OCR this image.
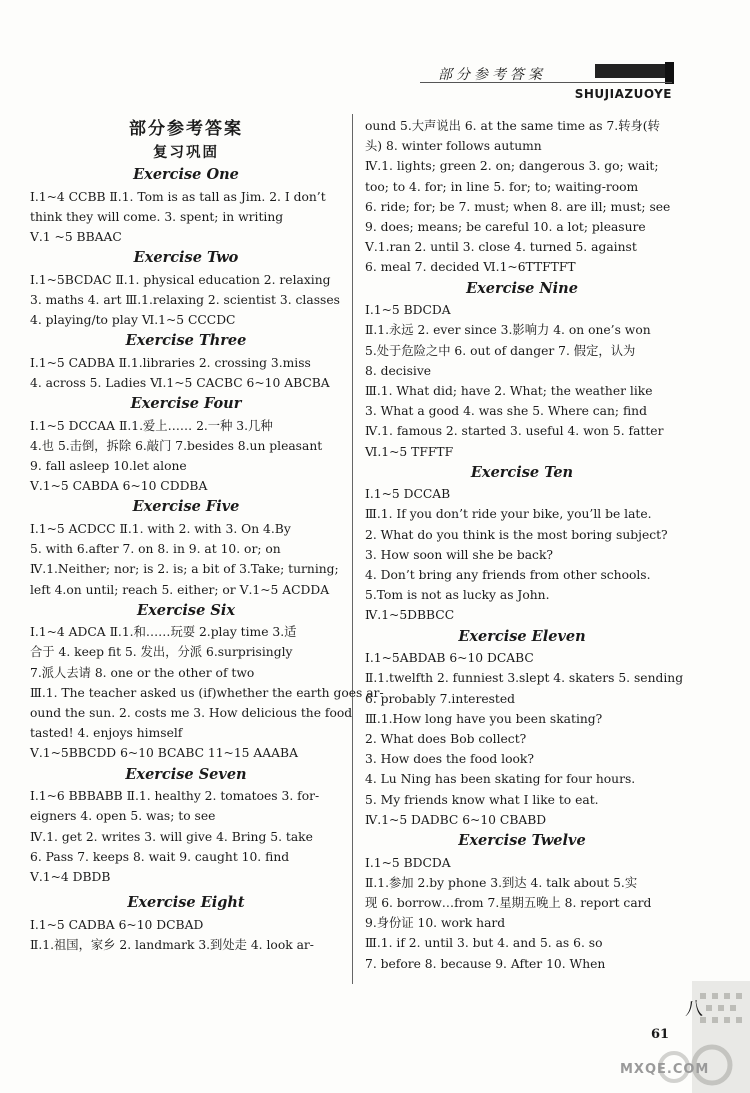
部分参考答案
SHUJIAZUOYE
部分参考答案
复习巩固
Exercise One
Ⅰ.1~4 CCBB Ⅱ.1. Tom is as tall as Jim. 2. I don’t
think they will come. 3. spent; in writing
Ⅴ.1 ~5 BBAAC
Exercise Two
Ⅰ.1~5BCDAC Ⅱ.1. physical education 2. relaxing
3. maths 4. art Ⅲ.1.relaxing 2. scientist 3. classes
4. playing/to play Ⅵ.1~5 CCCDC
Exercise Three
Ⅰ.1~5 CADBA Ⅱ.1.libraries 2. crossing 3.miss
4. across 5. Ladies Ⅵ.1~5 CACBC 6~10 ABCBA
Exercise Four
Ⅰ.1~5 DCCAA Ⅱ.1.爱上…… 2.一种 3.几种
4.也 5.击倒，拆除 6.敲门 7.besides 8.un pleasant
9. fall asleep 10.let alone
Ⅴ.1~5 CABDA 6~10 CDDBA
Exercise Five
Ⅰ.1~5 ACDCC Ⅱ.1. with 2. with 3. On 4.By
5. with 6.after 7. on 8. in 9. at 10. or; on
Ⅳ.1.Neither; nor; is 2. is; a bit of 3.Take; turning;
left 4.on until; reach 5. either; or Ⅴ.1~5 ACDDA
Exercise Six
Ⅰ.1~4 ADCA Ⅱ.1.和……玩耍 2.play time 3.适
合于 4. keep fit 5. 发出，分派 6.surprisingly
7.派人去请 8. one or the other of two
Ⅲ.1. The teacher asked us (if)whether the earth goes ar-
ound the sun. 2. costs me 3. How delicious the food
tasted! 4. enjoys himself
Ⅴ.1~5BBCDD 6~10 BCABC 11~15 AAABA
Exercise Seven
Ⅰ.1~6 BBBABB Ⅱ.1. healthy 2. tomatoes 3. for-
eigners 4. open 5. was; to see
Ⅳ.1. get 2. writes 3. will give 4. Bring 5. take
6. Pass 7. keeps 8. wait 9. caught 10. find
Ⅴ.1~4 DBDB
Exercise Eight
Ⅰ.1~5 CADBA 6~10 DCBAD
Ⅱ.1.祖国，家乡 2. landmark 3.到处走 4. look ar-
ound 5.大声说出 6. at the same time as 7.转身(转
头) 8. winter follows autumn
Ⅳ.1. lights; green 2. on; dangerous 3. go; wait;
too; to 4. for; in line 5. for; to; waiting-room
6. ride; for; be 7. must; when 8. are ill; must; see
9. does; means; be careful 10. a lot; pleasure
Ⅴ.1.ran 2. until 3. close 4. turned 5. against
6. meal 7. decided Ⅵ.1~6TTFTFT
Exercise Nine
Ⅰ.1~5 BDCDA
Ⅱ.1.永远 2. ever since 3.影响力 4. on one’s won
5.处于危险之中 6. out of danger 7. 假定，认为
8. decisive
Ⅲ.1. What did; have 2. What; the weather like
3. What a good 4. was she 5. Where can; find
Ⅳ.1. famous 2. started 3. useful 4. won 5. fatter
Ⅵ.1~5 TFFTF
Exercise Ten
Ⅰ.1~5 DCCAB
Ⅲ.1. If you don’t ride your bike, you’ll be late.
2. What do you think is the most boring subject?
3. How soon will she be back?
4. Don’t bring any friends from other schools.
5.Tom is not as lucky as John.
Ⅳ.1~5DBBCC
Exercise Eleven
Ⅰ.1~5ABDAB 6~10 DCABC
Ⅱ.1.twelfth 2. funniest 3.slept 4. skaters 5. sending
6. probably 7.interested
Ⅲ.1.How long have you been skating?
2. What does Bob collect?
3. How does the food look?
4. Lu Ning has been skating for four hours.
5. My friends know what I like to eat.
Ⅳ.1~5 DADBC 6~10 CBABD
Exercise Twelve
Ⅰ.1~5 BDCDA
Ⅱ.1.参加 2.by phone 3.到达 4. talk about 5.实
现 6. borrow…from 7.星期五晚上 8. report card
9.身份证 10. work hard
Ⅲ.1. if 2. until 3. but 4. and 5. as 6. so
7. before 8. because 9. After 10. When
八
61
MXQE.COM
